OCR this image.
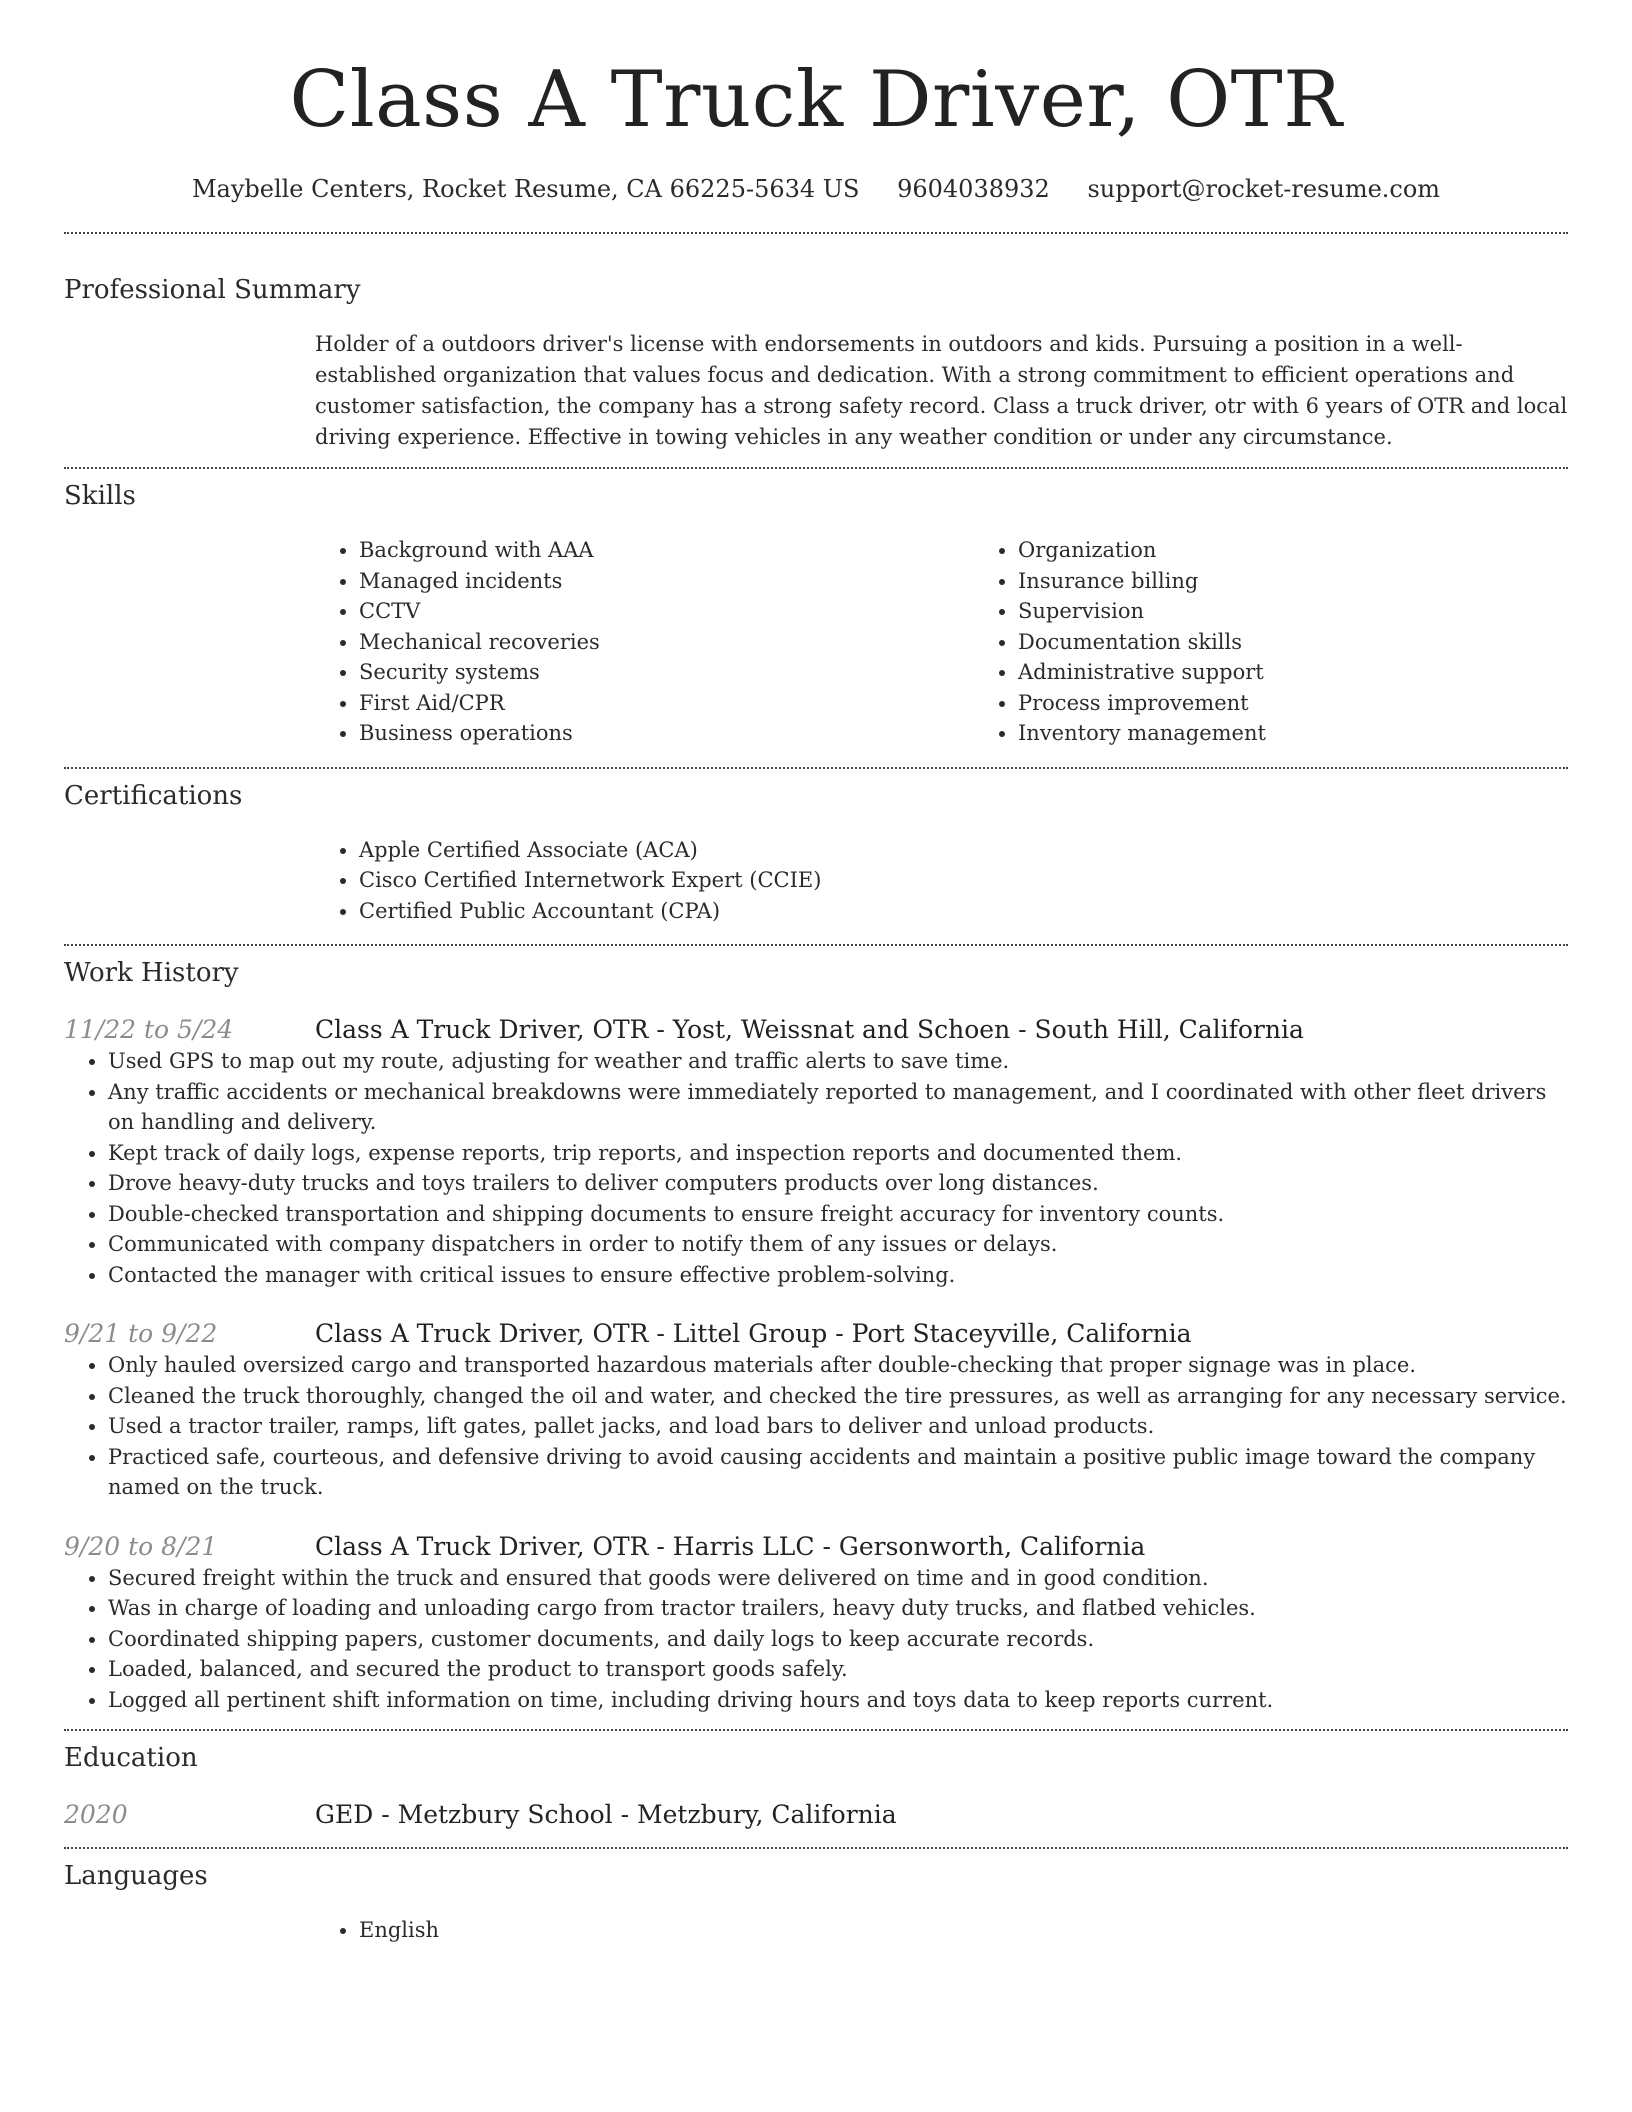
Class A Truck Driver, OTR
Maybelle Centers, Rocket Resume, CA 66225-5634 US 9604038932 support@rocket-resume.com
Professional Summary

Holder of a outdoors driver's license with endorsements in outdoors and kids. Pursuing a position in a well-established organization that values focus and dedication. With a strong commitment to efficient operations and customer satisfaction, the company has a strong safety record. Class a truck driver, otr with 6 years of OTR and local driving experience. Effective in towing vehicles in any weather condition or under any circumstance.

Skills
• Background with AAA
• Managed incidents
• CCTV
• Mechanical recoveries
• Security systems
• First Aid/CPR
• Business operations
• Organization
• Insurance billing
• Supervision
• Documentation skills
• Administrative support
• Process improvement
• Inventory management
Certifications
• Apple Certified Associate (ACA)
• Cisco Certified Internetwork Expert (CCIE)
• Certified Public Accountant (CPA)
Work History
11/22 to 5/24	Class A Truck Driver, OTR - Yost, Weissnat and Schoen - South Hill, California
• Used GPS to map out my route, adjusting for weather and traffic alerts to save time.
• Any traffic accidents or mechanical breakdowns were immediately reported to management, and I coordinated with other fleet drivers on handling and delivery.
• Kept track of daily logs, expense reports, trip reports, and inspection reports and documented them.
• Drove heavy-duty trucks and toys trailers to deliver computers products over long distances.
• Double-checked transportation and shipping documents to ensure freight accuracy for inventory counts.
• Communicated with company dispatchers in order to notify them of any issues or delays.
• Contacted the manager with critical issues to ensure effective problem-solving.
9/21 to 9/22	Class A Truck Driver, OTR - Littel Group - Port Staceyville, California
• Only hauled oversized cargo and transported hazardous materials after double-checking that proper signage was in place.
• Cleaned the truck thoroughly, changed the oil and water, and checked the tire pressures, as well as arranging for any necessary service.
• Used a tractor trailer, ramps, lift gates, pallet jacks, and load bars to deliver and unload products.
• Practiced safe, courteous, and defensive driving to avoid causing accidents and maintain a positive public image toward the company named on the truck.
9/20 to 8/21	Class A Truck Driver, OTR - Harris LLC - Gersonworth, California
• Secured freight within the truck and ensured that goods were delivered on time and in good condition.
• Was in charge of loading and unloading cargo from tractor trailers, heavy duty trucks, and flatbed vehicles.
• Coordinated shipping papers, customer documents, and daily logs to keep accurate records.
• Loaded, balanced, and secured the product to transport goods safely.
• Logged all pertinent shift information on time, including driving hours and toys data to keep reports current.
Education
2020	GED - Metzbury School - Metzbury, California
Languages
• English
